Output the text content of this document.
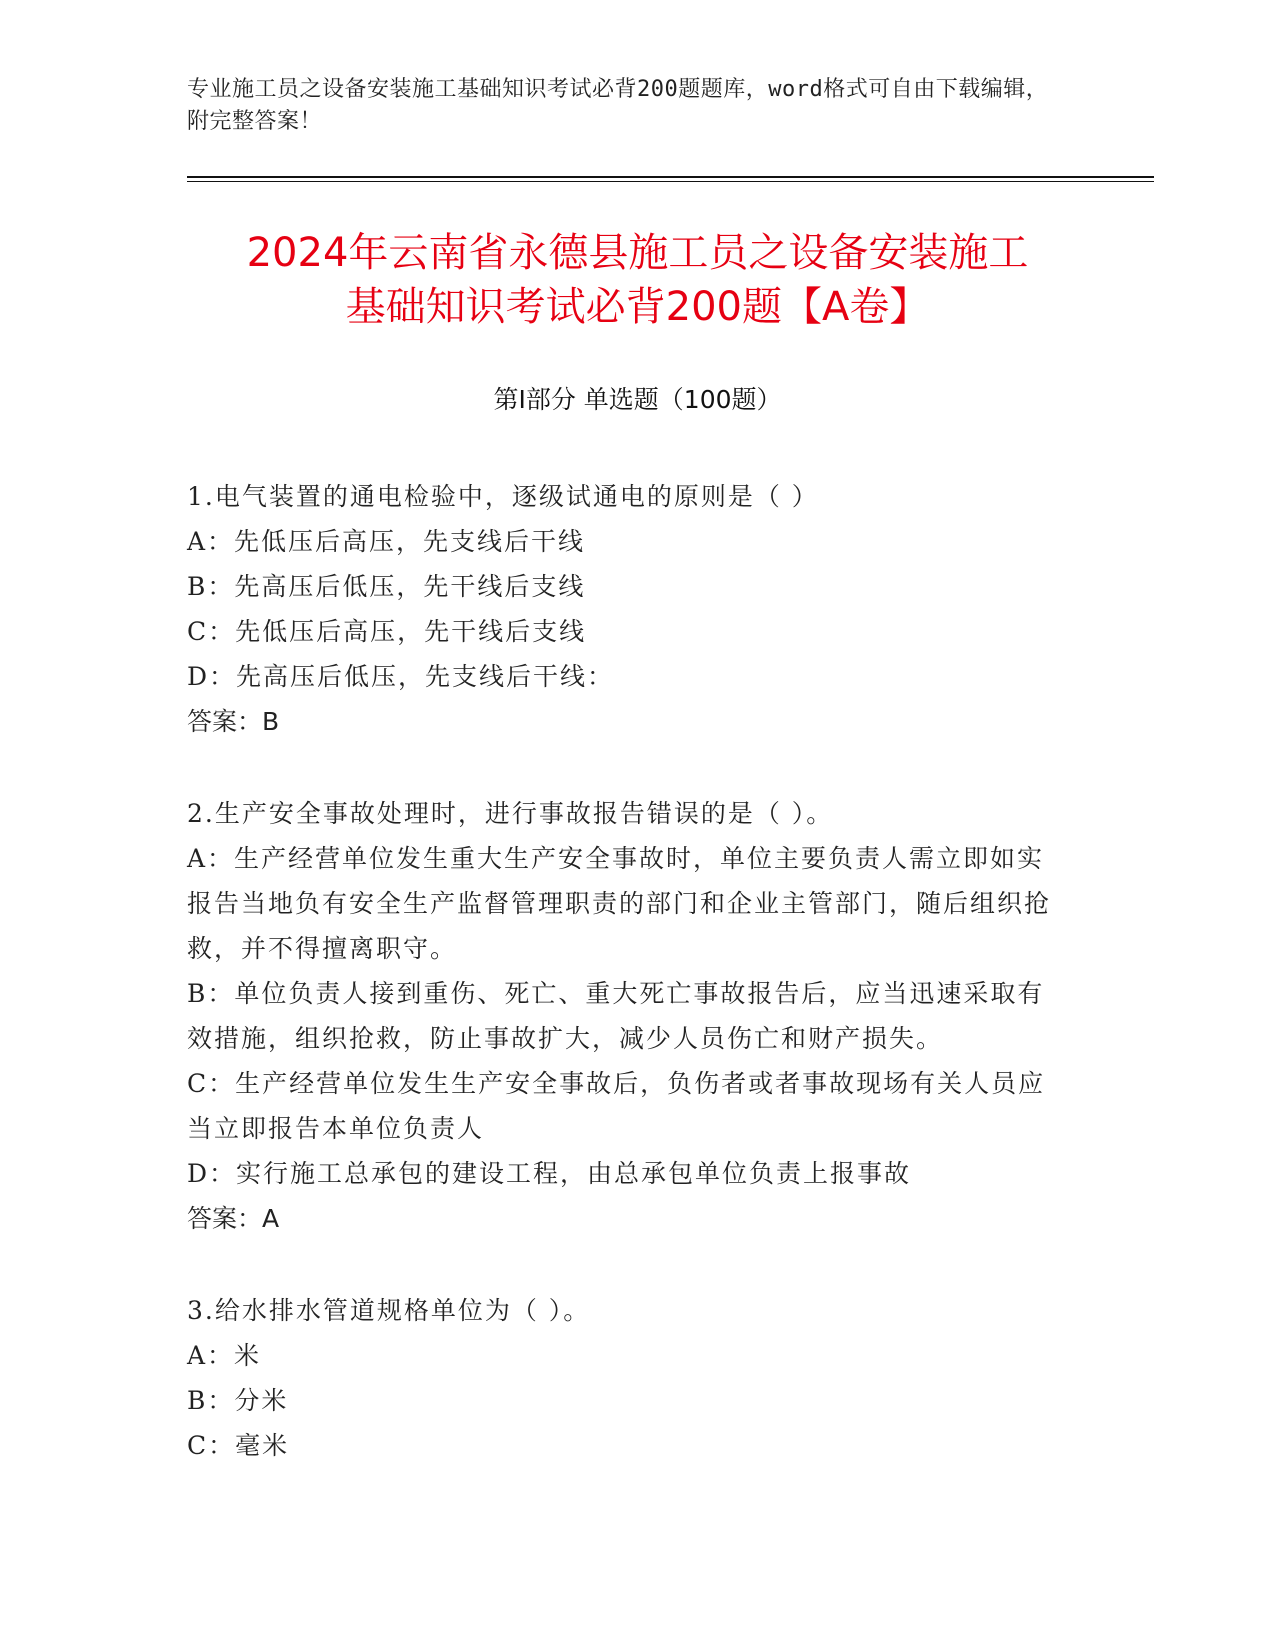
专业施工员之设备安装施工基础知识考试必背200题题库，word格式可自由下载编辑，附完整答案！
2024年云南省永德县施工员之设备安装施工
基础知识考试必背200题【A卷】
第Ⅰ部分 单选题（100题）
1.电气装置的通电检验中，逐级试通电的原则是（ ）
A：先低压后高压，先支线后干线
B：先高压后低压，先干线后支线
C：先低压后高压，先干线后支线
D：先高压后低压，先支线后干线：
答案：B
2.生产安全事故处理时，进行事故报告错误的是（ ）。
A：生产经营单位发生重大生产安全事故时，单位主要负责人需立即如实报告当地负有安全生产监督管理职责的部门和企业主管部门，随后组织抢救，并不得擅离职守。
B：单位负责人接到重伤、死亡、重大死亡事故报告后，应当迅速采取有效措施，组织抢救，防止事故扩大，减少人员伤亡和财产损失。
C：生产经营单位发生生产安全事故后，负伤者或者事故现场有关人员应当立即报告本单位负责人
D：实行施工总承包的建设工程，由总承包单位负责上报事故
答案：A
3.给水排水管道规格单位为（ ）。
A：米
B：分米
C：毫米
